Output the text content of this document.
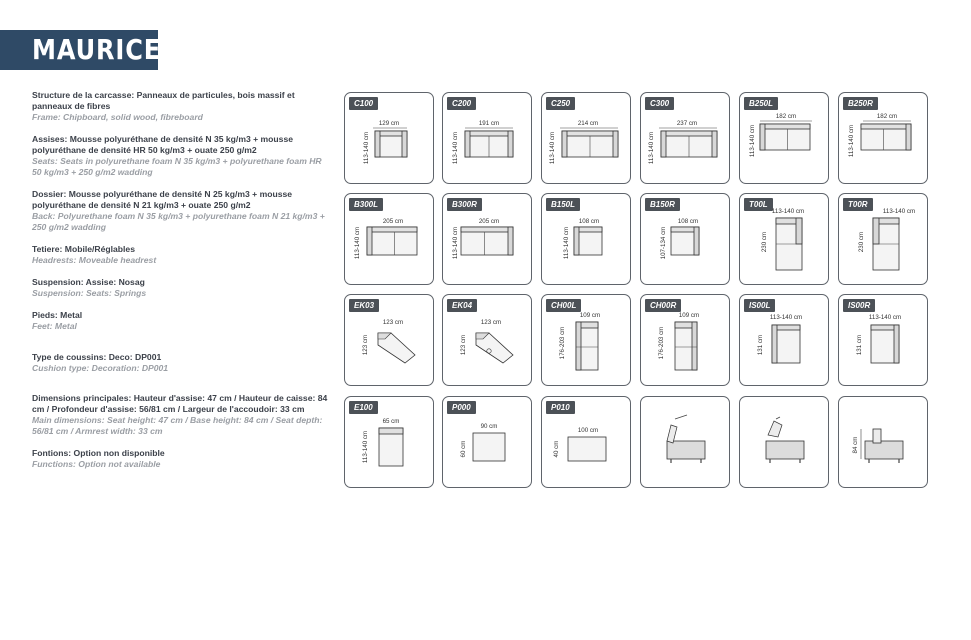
MAURICE
Structure de la carcasse: Panneaux de particules, bois massif et panneaux de fibres
Frame: Chipboard, solid wood, fibreboard
Assises: Mousse polyuréthane de densité N 35 kg/m3 + mousse polyuréthane de densité HR 50 kg/m3 + ouate 250 g/m2
Seats: Seats in polyurethane foam N 35 kg/m3 + polyurethane foam HR 50 kg/m3 + 250 g/m2 wadding
Dossier: Mousse polyuréthane de densité N 25 kg/m3 + mousse polyuréthane de densité N 21 kg/m3 + ouate 250 g/m2
Back: Polyurethane foam N 35 kg/m3 + polyurethane foam N 21 kg/m3 + 250 g/m2 wadding
Tetiere: Mobile/Réglables
Headrests: Moveable headrest
Suspension: Assise: Nosag
Suspension: Seats: Springs
Pieds: Metal
Feet: Metal
Type de coussins: Deco: DP001
Cushion type: Decoration: DP001
Dimensions principales: Hauteur d'assise: 47 cm / Hauteur de caisse: 84 cm / Profondeur d'assise: 56/81 cm / Largeur de l'accoudoir: 33 cm
Main dimensions: Seat height: 47 cm / Base height: 84 cm / Seat depth: 56/81 cm / Armrest width: 33 cm
Fontions: Option non disponible
Functions: Option not available
C100
129 cm
113-140 cm
C200
191 cm
113-140 cm
C250
214 cm
113-140 cm
C300
237 cm
113-140 cm
B250L
182 cm
113-140 cm
B250R
182 cm
113-140 cm
B300L
205 cm
113-140 cm
B300R
205 cm
113-140 cm
B150L
108 cm
113-140 cm
B150R
108 cm
107-134 cm
T00L
113-140 cm
230 cm
T00R
113-140 cm
230 cm
EK03
123 cm
123 cm
EK04
123 cm
123 cm
CH00L
109 cm
176-203 cm
CH00R
109 cm
176-203 cm
IS00L
113-140 cm
131 cm
IS00R
113-140 cm
131 cm
E100
65 cm
113-140 cm
P000
90 cm
60 cm
P010
100 cm
40 cm	84 cm
